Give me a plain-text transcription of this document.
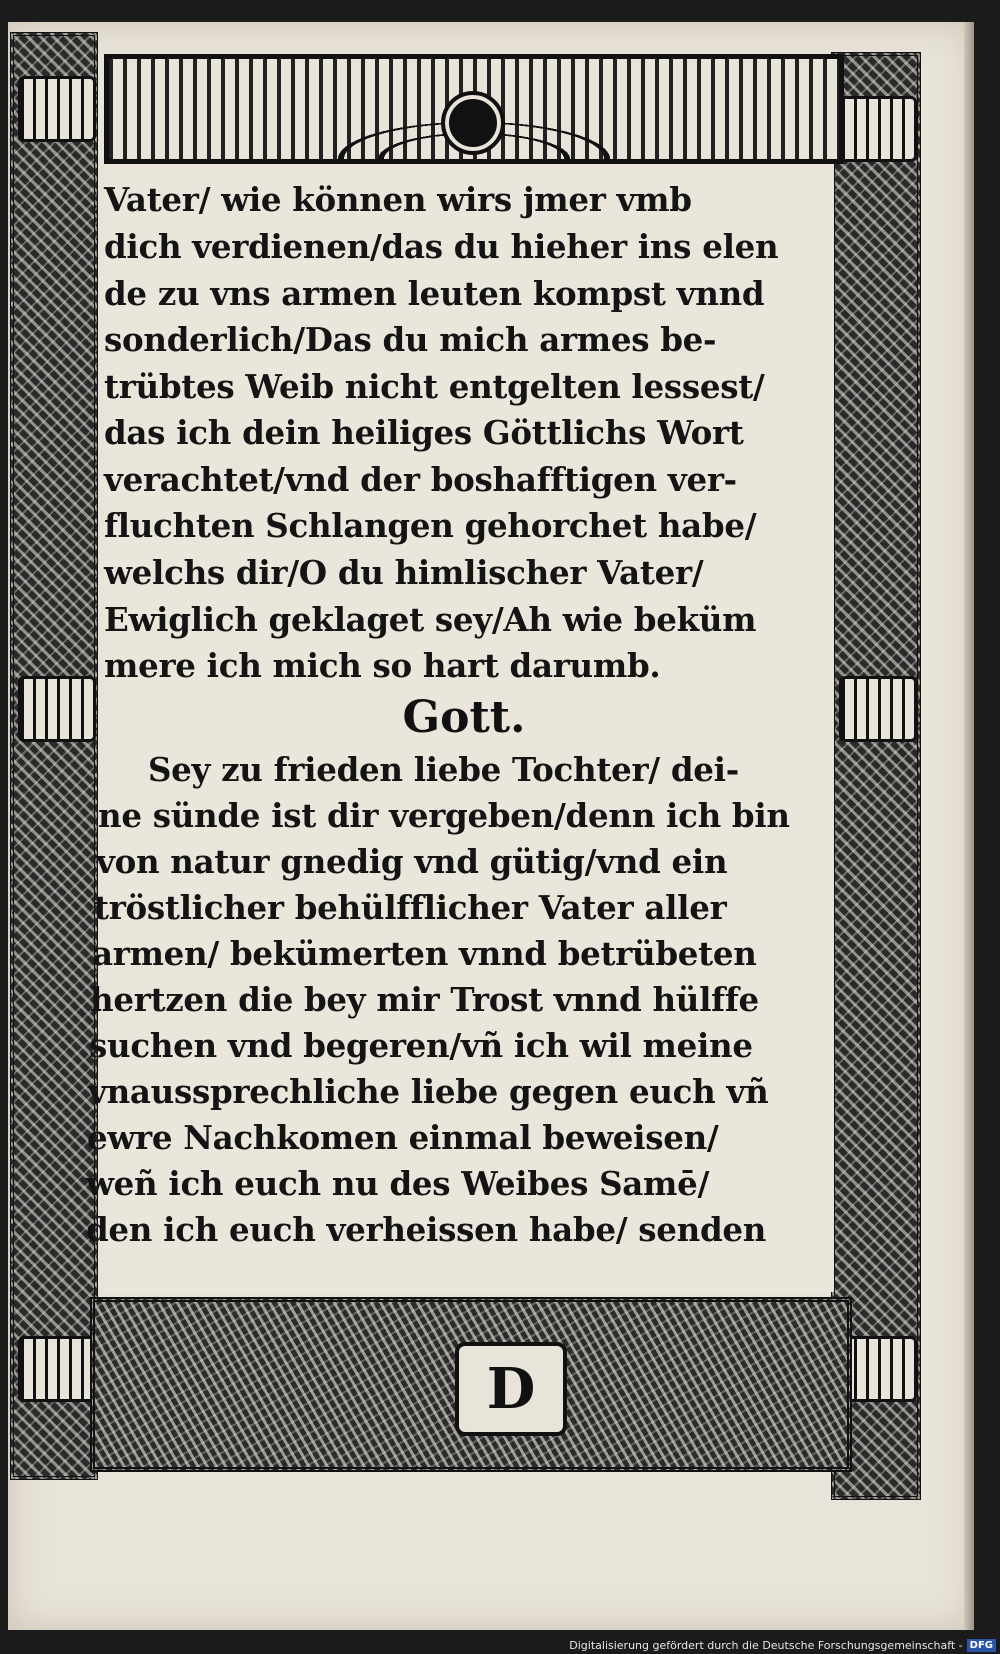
Vater/ wie können wirs jmer vmb
dich verdienen/das du hieher ins elen
de zu vns armen leuten kompst vnnd
sonderlich/Das du mich armes be-
trübtes Weib nicht entgelten lessest/
das ich dein heiliges Göttlichs Wort
verachtet/vnd der boshafftigen ver-
fluchten Schlangen gehorchet habe/
welchs dir/O du himlischer Vater/
Ewiglich geklaget sey/Ah wie beküm
mere ich mich so hart darumb.
Gott.
Sey zu frieden liebe Tochter/ dei-
ne sünde ist dir vergeben/denn ich bin
von natur gnedig vnd gütig/vnd ein
tröstlicher behülfflicher Vater aller
armen/ bekümerten vnnd betrübeten
hertzen die bey mir Trost vnnd hülffe
suchen vnd begeren/vñ ich wil meine
vnaussprechliche liebe gegen euch vñ
ewre Nachkomen einmal beweisen/
weñ ich euch nu des Weibes Samē/
den ich euch verheissen habe/ senden
D
Digitalisierung gefördert durch die Deutsche Forschungsgemeinschaft - DFG
